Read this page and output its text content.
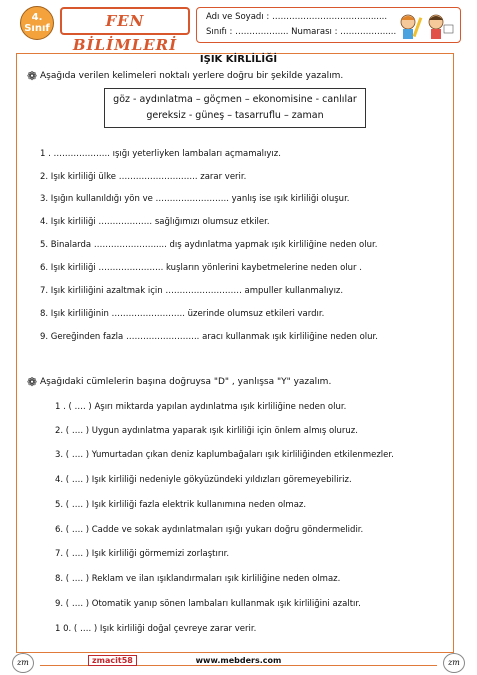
4.
Sınıf	FEN BİLİMLERİ
Adı ve Soyadı : ……………………………........
Sınıfı : …………….... Numarası : …………….....
IŞIK KİRLİLİĞİ
❁ Aşağıda verilen kelimeleri noktalı yerlere doğru bir şekilde yazalım.
göz - aydınlatma – göçmen – ekonomisine - canlılar
gereksiz - güneş – tasarruflu – zaman
1 . ……………….. ışığı yeterliyken lambaları açmamalıyız.
2. Işık kirliliği ülke ………………….…... zarar verir.
3. Işığın kullanıldığı yön ve …………………….. yanlış ise ışık kirliliği oluşur.
4. Işık kirliliği ………………. sağlığımızı olumsuz etkiler.
5. Binalarda …………………..... dış aydınlatma yapmak ışık kirliliğine neden olur.
6. Işık kirliliği ………………….. kuşların yönlerini kaybetmelerine neden olur .
7. Işık kirliliğini azaltmak için ……………………… ampuller kullanmalıyız.
8. Işık kirliliğinin …………………….. üzerinde olumsuz etkileri vardır.
9. Gereğinden fazla …………………….. aracı kullanmak ışık kirliliğine neden olur.
❁ Aşağıdaki cümlelerin başına doğruysa "D" , yanlışsa "Y" yazalım.
1 . ( …. ) Aşırı miktarda yapılan aydınlatma ışık kirliliğine neden olur.
2. ( …. ) Uygun aydınlatma yaparak ışık kirliliği için önlem almış oluruz.
3. ( …. ) Yumurtadan çıkan deniz kaplumbağaları ışık kirliliğinden etkilenmezler.
4. ( …. ) Işık kirliliği nedeniyle gökyüzündeki yıldızları göremeyebiliriz.
5. ( …. ) Işık kirliliği fazla elektrik kullanımına neden olmaz.
6. ( …. ) Cadde ve sokak aydınlatmaları ışığı yukarı doğru göndermelidir.
7. ( …. ) Işık kirliliği görmemizi zorlaştırır.
8. ( …. ) Reklam ve ilan ışıklandırmaları ışık kirliliğine neden olmaz.
9. ( …. ) Otomatik yanıp sönen lambaları kullanmak ışık kirliliğini azaltır.
1 0. ( …. ) Işık kirliliği doğal çevreye zarar verir.
zm	zmacit58	www.mebders.com	zm
